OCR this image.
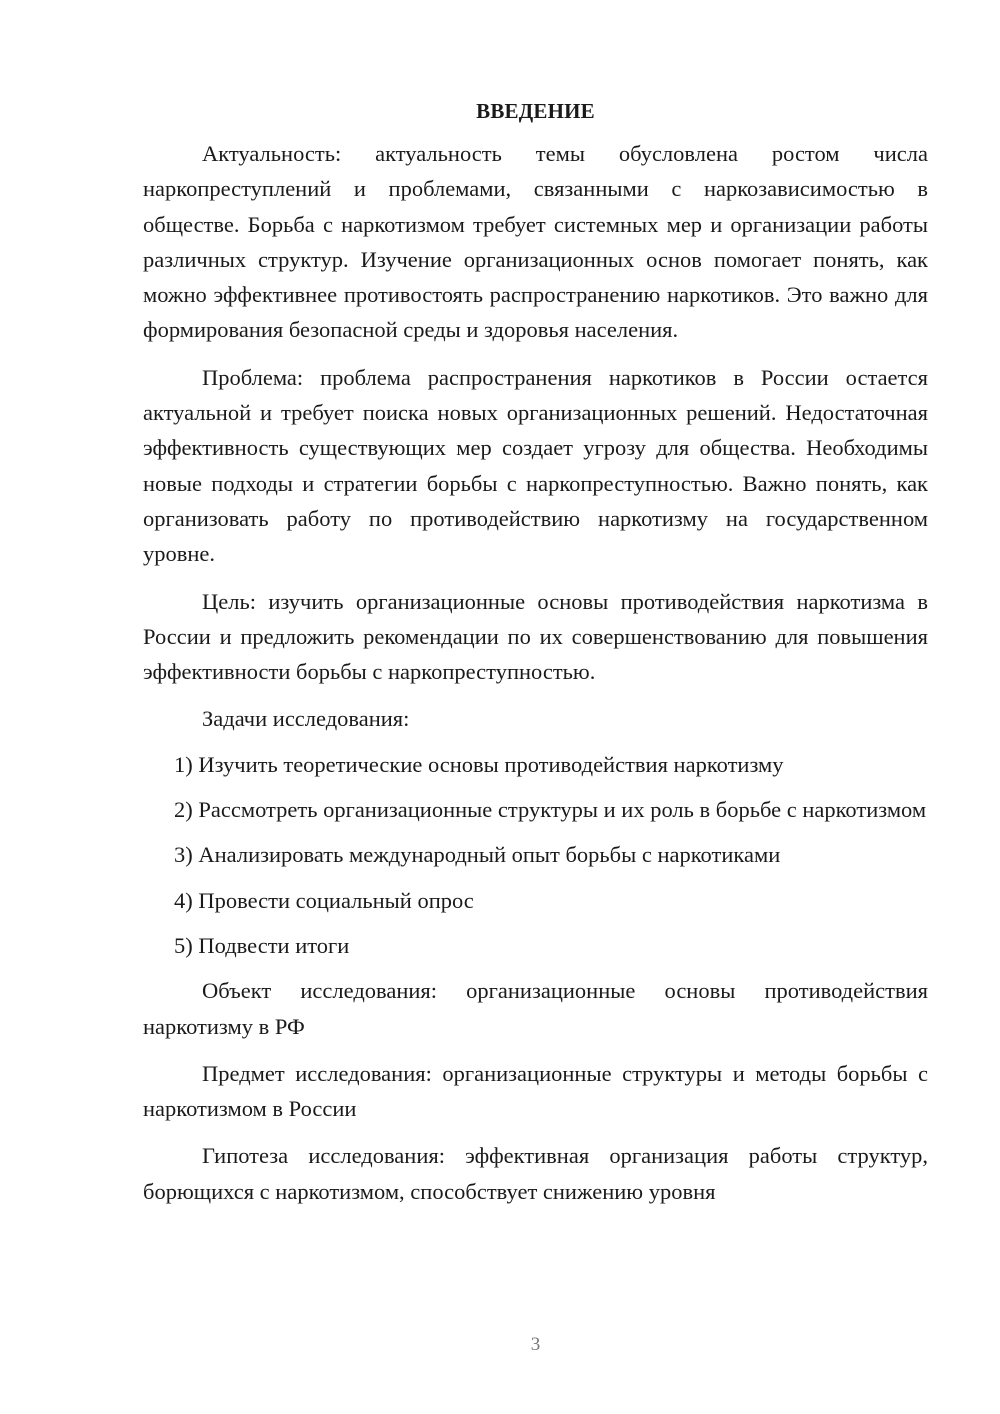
ВВЕДЕНИЕ

Актуальность: актуальность темы обусловлена ростом числа наркопреступлений и проблемами, связанными с наркозависимостью в обществе. Борьба с наркотизмом требует системных мер и организации работы различных структур. Изучение организационных основ помогает понять, как можно эффективнее противостоять распространению наркотиков. Это важно для формирования безопасной среды и здоровья населения.

Проблема: проблема распространения наркотиков в России остается актуальной и требует поиска новых организационных решений. Недостаточная эффективность существующих мер создает угрозу для общества. Необходимы новые подходы и стратегии борьбы с наркопреступностью. Важно понять, как организовать работу по противодействию наркотизму на государственном уровне.

Цель: изучить организационные основы противодействия наркотизма в России и предложить рекомендации по их совершенствованию для повышения эффективности борьбы с наркопреступностью.

Задачи исследования:

1) Изучить теоретические основы противодействия наркотизму

2) Рассмотреть организационные структуры и их роль в борьбе с наркотизмом

3) Анализировать международный опыт борьбы с наркотиками

4) Провести социальный опрос

5) Подвести итоги

Объект исследования: организационные основы противодействия наркотизму в РФ

Предмет исследования: организационные структуры и методы борьбы с наркотизмом в России

Гипотеза исследования: эффективная организация работы структур, борющихся с наркотизмом, способствует снижению уровня

3
